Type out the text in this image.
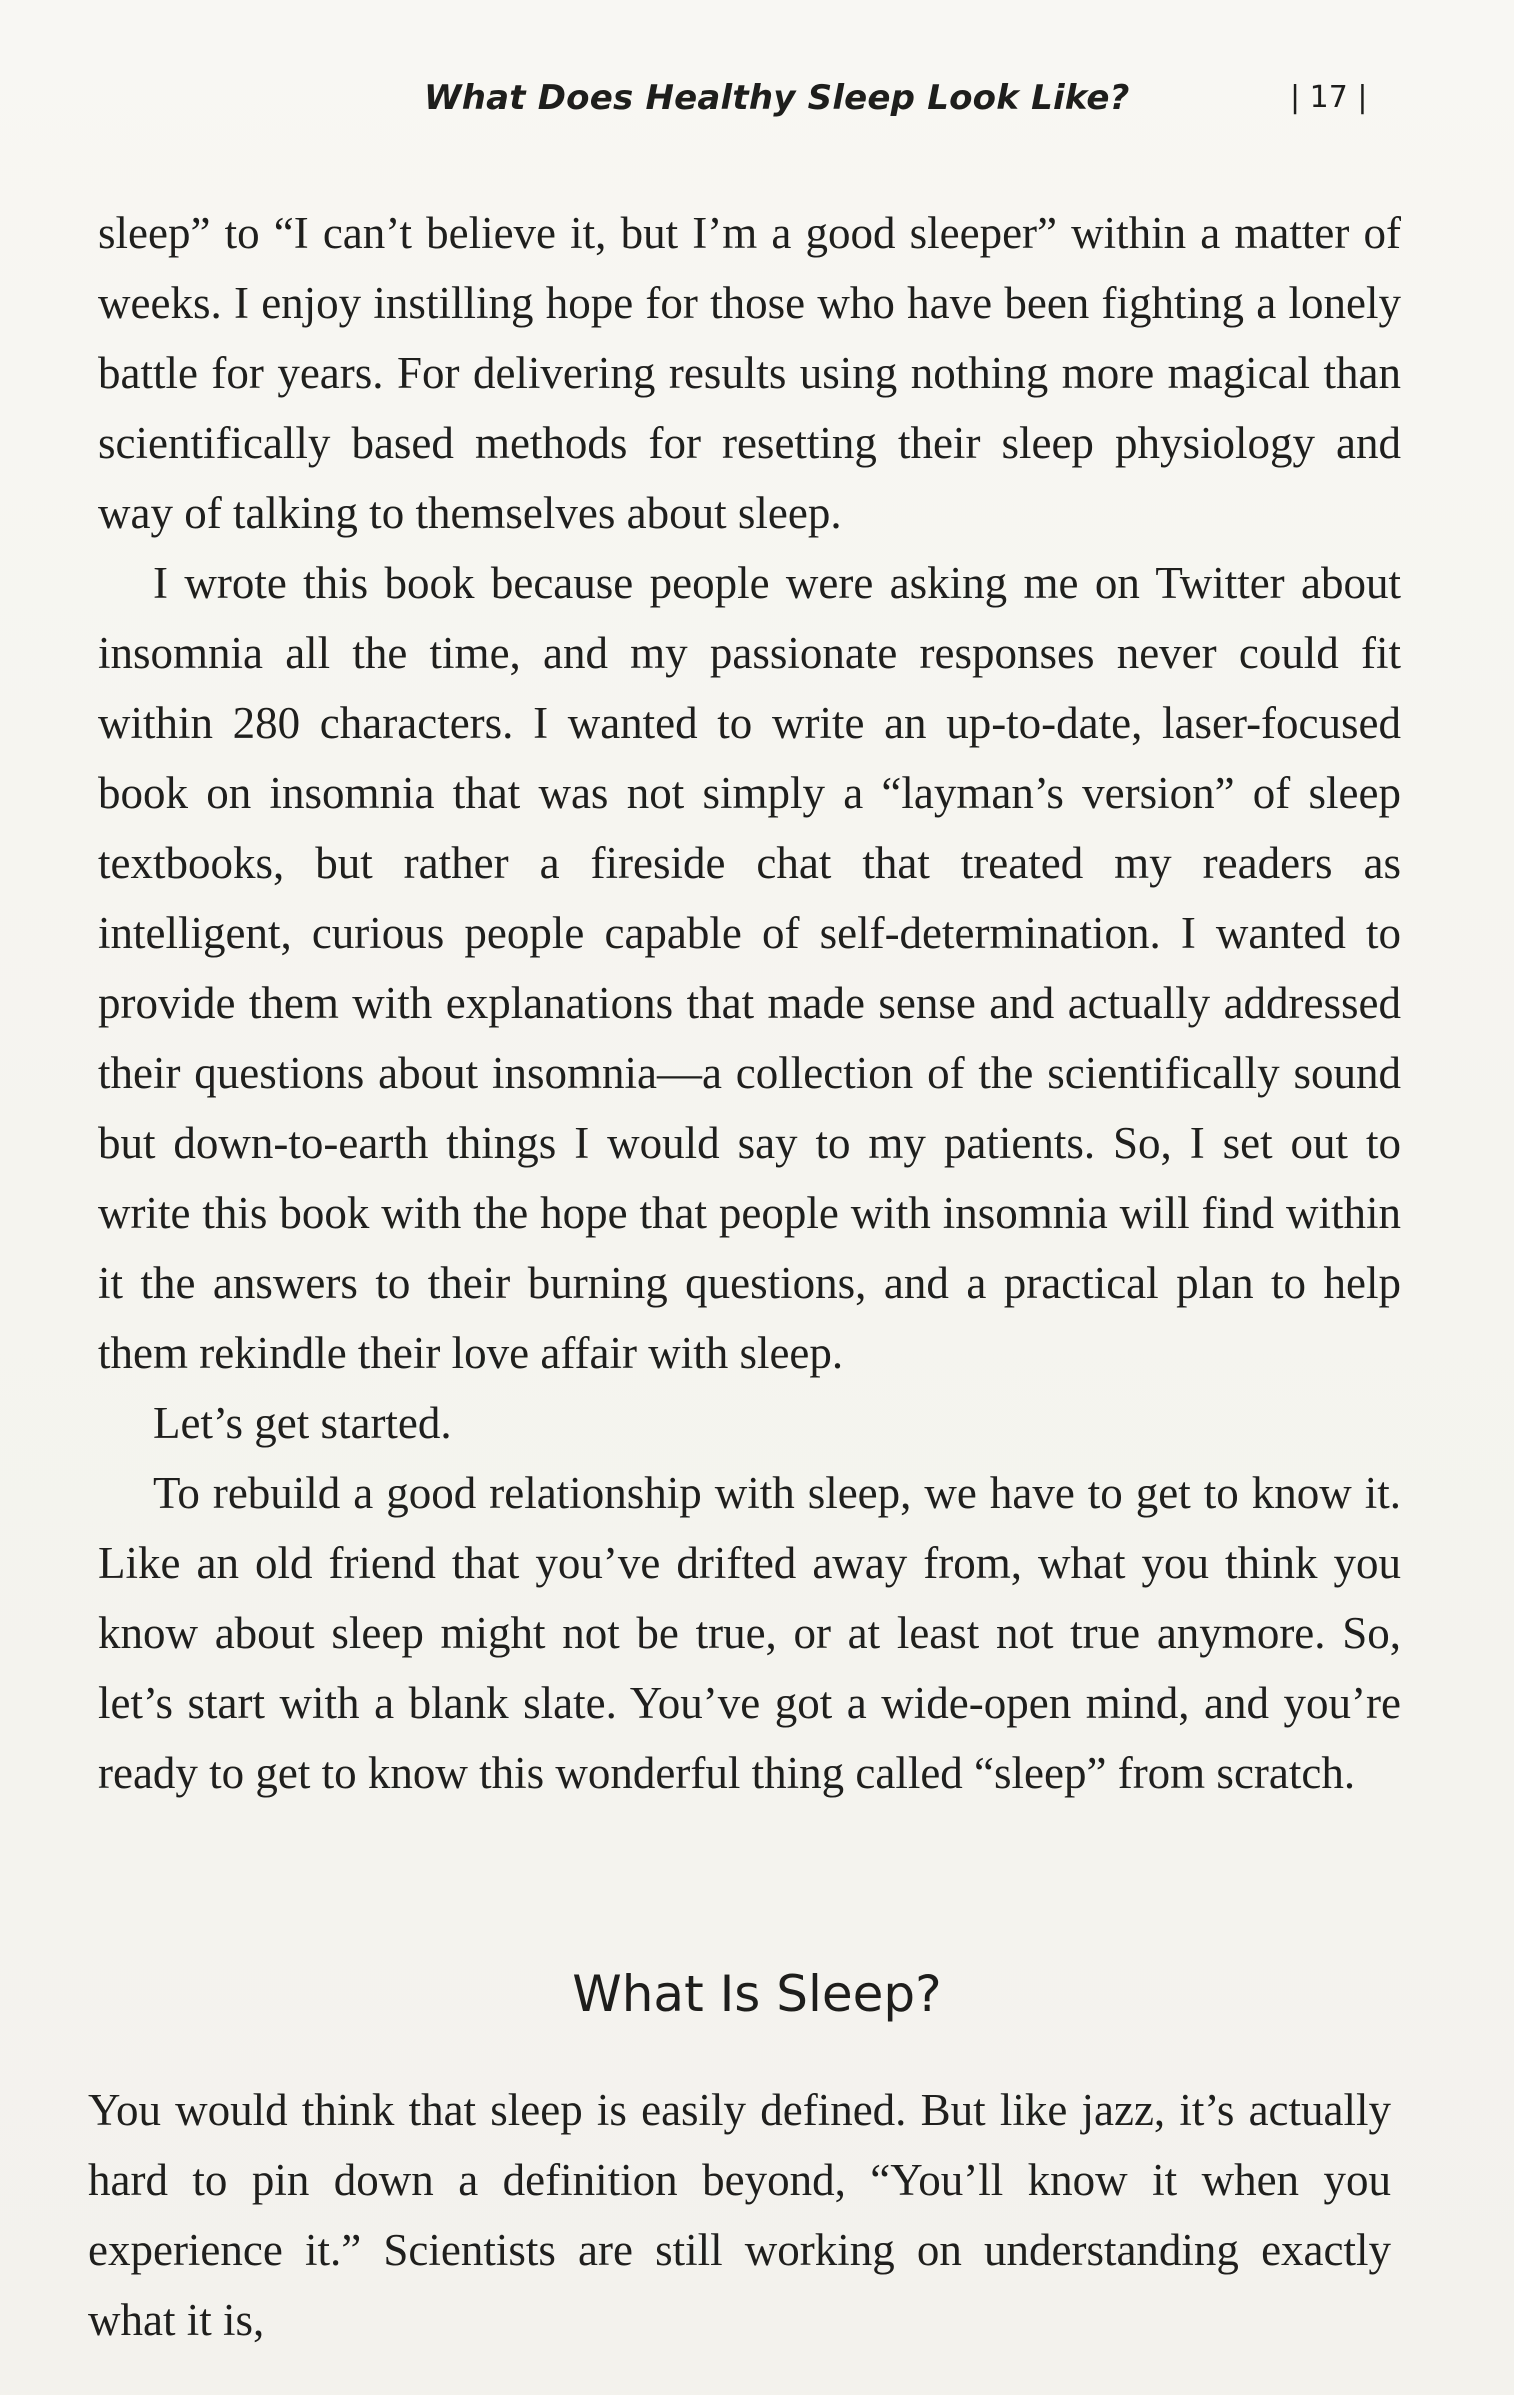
What Does Healthy Sleep Look Like?	| 17 |

sleep” to “I can’t believe it, but I’m a good sleeper” within a matter of weeks. I enjoy instilling hope for those who have been fighting a lonely battle for years. For delivering results using nothing more magical than scientifically based methods for resetting their sleep physiology and way of talking to themselves about sleep.

I wrote this book because people were asking me on Twitter about insomnia all the time, and my passionate responses never could fit within 280 characters. I wanted to write an up-to-date, laser-focused book on insomnia that was not simply a “layman’s version” of sleep textbooks, but rather a fireside chat that treated my readers as intelligent, curious people capable of self-determination. I wanted to provide them with explanations that made sense and actually addressed their questions about insomnia—a collection of the scientifically sound but down-to-earth things I would say to my patients. So, I set out to write this book with the hope that people with insomnia will find within it the answers to their burning questions, and a practical plan to help them rekindle their love affair with sleep.

Let’s get started.

To rebuild a good relationship with sleep, we have to get to know it. Like an old friend that you’ve drifted away from, what you think you know about sleep might not be true, or at least not true anymore. So, let’s start with a blank slate. You’ve got a wide-open mind, and you’re ready to get to know this wonderful thing called “sleep” from scratch.

What Is Sleep?

You would think that sleep is easily defined. But like jazz, it’s actually hard to pin down a definition beyond, “You’ll know it when you experience it.” Scientists are still working on understanding exactly what it is,
